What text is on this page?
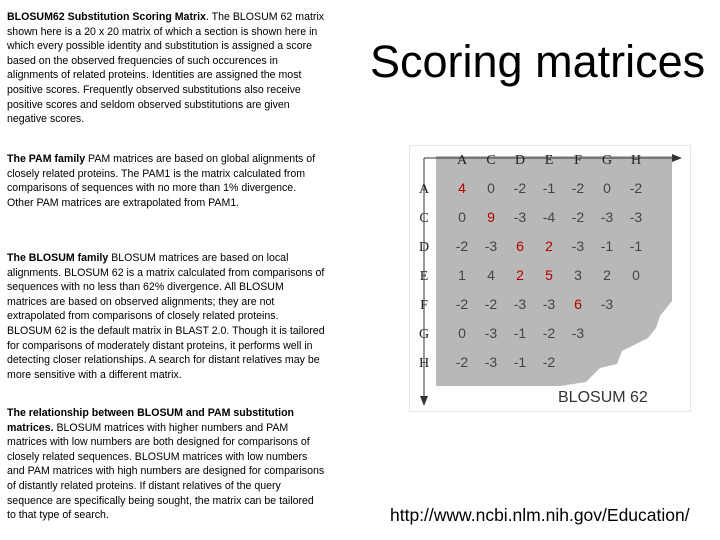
BLOSUM62 Substitution Scoring Matrix. The BLOSUM 62 matrix shown here is a 20 x 20 matrix of which a section is shown here in which every possible identity and substitution is assigned a score based on the observed frequencies of such occurences in alignments of related proteins. Identities are assigned the most positive scores. Frequently observed substitutions also receive positive scores and seldom observed substitutions are given negative scores.

The PAM family PAM matrices are based on global alignments of closely related proteins. The PAM1 is the matrix calculated from comparisons of sequences with no more than 1% divergence. Other PAM matrices are extrapolated from PAM1.

The BLOSUM family BLOSUM matrices are based on local alignments. BLOSUM 62 is a matrix calculated from comparisons of sequences with no less than 62% divergence. All BLOSUM matrices are based on observed alignments; they are not extrapolated from comparisons of closely related proteins. BLOSUM 62 is the default matrix in BLAST 2.0. Though it is tailored for comparisons of moderately distant proteins, it performs well in detecting closer relationships. A search for distant relatives may be more sensitive with a different matrix.

The relationship between BLOSUM and PAM substitution matrices. BLOSUM matrices with higher numbers and PAM matrices with low numbers are both designed for comparisons of closely related sequences. BLOSUM matrices with low numbers and PAM matrices with high numbers are designed for comparisons of distantly related proteins. If distant relatives of the query sequence are specifically being sought, the matrix can be tailored to that type of search.

Scoring matrices
A C D E F G H
A
C
D
E
F
G
H
4 0 -2 -1 -2 0 -2
0 9 -3 -4 -2 -3 -3
-2 -3 6 2 -3 -1 -1
1 4 2 5 3 2 0
-2 -2 -3 -3 6 -3
0 -3 -1 -2 -3
-2 -3 -1 -2
BLOSUM 62
http://www.ncbi.nlm.nih.gov/Education/
